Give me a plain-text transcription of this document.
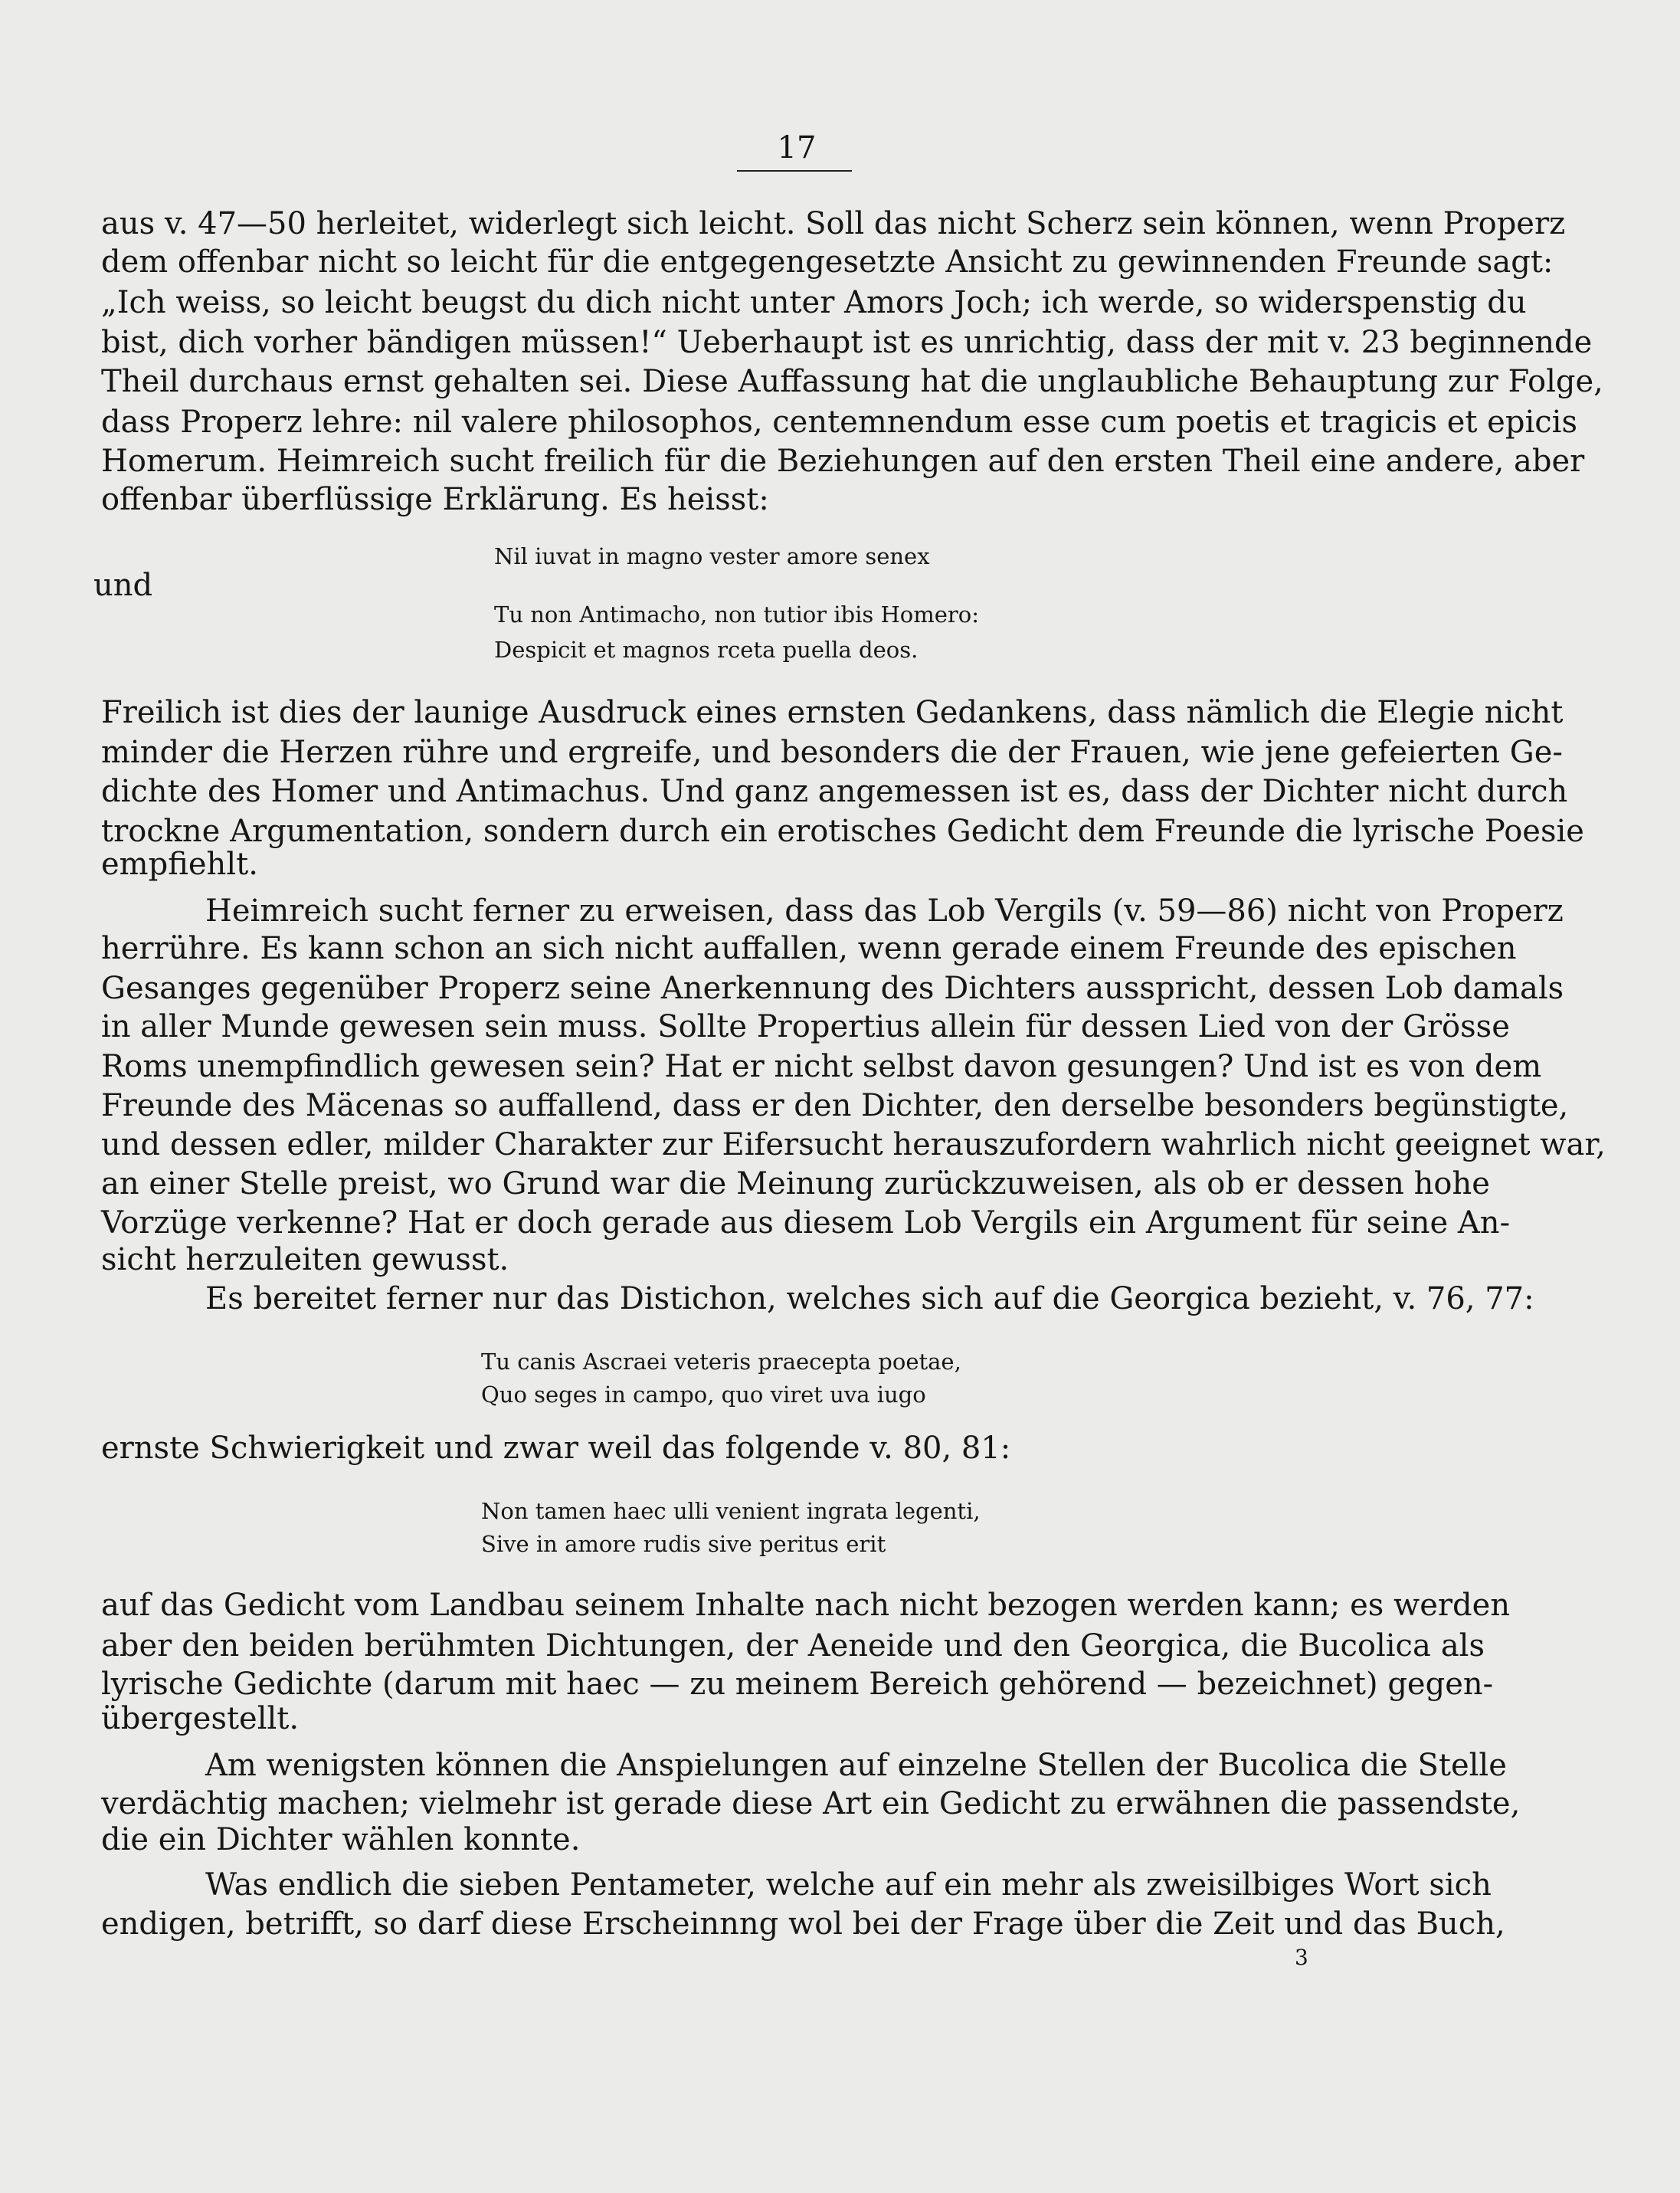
17
aus v. 47—50 herleitet, widerlegt sich leicht. Soll das nicht Scherz sein können, wenn Properz
dem offenbar nicht so leicht für die entgegengesetzte Ansicht zu gewinnenden Freunde sagt:
„Ich weiss, so leicht beugst du dich nicht unter Amors Joch; ich werde, so widerspenstig du
bist, dich vorher bändigen müssen!“ Ueberhaupt ist es unrichtig, dass der mit v. 23 beginnende
Theil durchaus ernst gehalten sei. Diese Auffassung hat die unglaubliche Behauptung zur Folge,
dass Properz lehre: nil valere philosophos, centemnendum esse cum poetis et tragicis et epicis
Homerum. Heimreich sucht freilich für die Beziehungen auf den ersten Theil eine andere, aber
offenbar überflüssige Erklärung. Es heisst:
Nil iuvat in magno vester amore senex
und
Tu non Antimacho, non tutior ibis Homero:
Despicit et magnos rceta puella deos.
Freilich ist dies der launige Ausdruck eines ernsten Gedankens, dass nämlich die Elegie nicht
minder die Herzen rühre und ergreife, und besonders die der Frauen, wie jene gefeierten Ge-
dichte des Homer und Antimachus. Und ganz angemessen ist es, dass der Dichter nicht durch
trockne Argumentation, sondern durch ein erotisches Gedicht dem Freunde die lyrische Poesie
empfiehlt.
Heimreich sucht ferner zu erweisen, dass das Lob Vergils (v. 59—86) nicht von Properz
herrühre. Es kann schon an sich nicht auffallen, wenn gerade einem Freunde des epischen
Gesanges gegenüber Properz seine Anerkennung des Dichters ausspricht, dessen Lob damals
in aller Munde gewesen sein muss. Sollte Propertius allein für dessen Lied von der Grösse
Roms unempfindlich gewesen sein? Hat er nicht selbst davon gesungen? Und ist es von dem
Freunde des Mäcenas so auffallend, dass er den Dichter, den derselbe besonders begünstigte,
und dessen edler, milder Charakter zur Eifersucht herauszufordern wahrlich nicht geeignet war,
an einer Stelle preist, wo Grund war die Meinung zurückzuweisen, als ob er dessen hohe
Vorzüge verkenne? Hat er doch gerade aus diesem Lob Vergils ein Argument für seine An-
sicht herzuleiten gewusst.
Es bereitet ferner nur das Distichon, welches sich auf die Georgica bezieht, v. 76, 77:
Tu canis Ascraei veteris praecepta poetae,
Quo seges in campo, quo viret uva iugo
ernste Schwierigkeit und zwar weil das folgende v. 80, 81:
Non tamen haec ulli venient ingrata legenti,
Sive in amore rudis sive peritus erit
auf das Gedicht vom Landbau seinem Inhalte nach nicht bezogen werden kann; es werden
aber den beiden berühmten Dichtungen, der Aeneide und den Georgica, die Bucolica als
lyrische Gedichte (darum mit haec — zu meinem Bereich gehörend — bezeichnet) gegen-
übergestellt.
Am wenigsten können die Anspielungen auf einzelne Stellen der Bucolica die Stelle
verdächtig machen; vielmehr ist gerade diese Art ein Gedicht zu erwähnen die passendste,
die ein Dichter wählen konnte.
Was endlich die sieben Pentameter, welche auf ein mehr als zweisilbiges Wort sich
endigen, betrifft, so darf diese Erscheinnng wol bei der Frage über die Zeit und das Buch,
3
